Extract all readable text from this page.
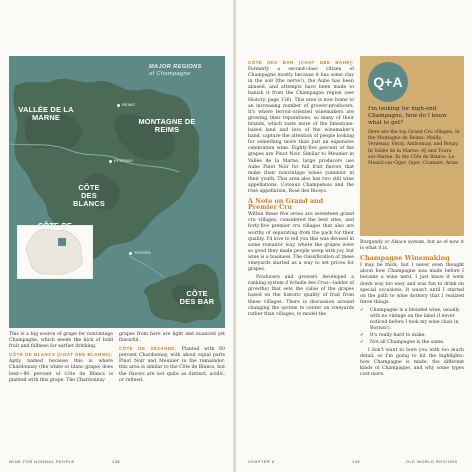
MAJOR REGIONS
of Champagne
VALLÉE DE LA MARNE	MONTAGNE DE REIMS
CÔTE DES BLANCS
CÔTE DES BAR
REIMS
ÉPERNAY
TROYES

This is a big source of grape for nonvintage Champagne, which needs the kick of bold fruit and fullness for earlier drinking.

CÔTE DE BLANCS (COAT DEE BLAHNK): Aptly named because this is where Chardonnay (the white or blanc grape) does best—80 percent of Côte de Blancs is planted with this grape. The Chardonnay

grapes from here are light and nuanced yet flavorful.

CÔTE DE SÉZANNE: Planted with 60 percent Chardonnay, with about equal parts Pinot Noir and Meunier in the remainder, this area is similar to the Côte de Blancs, but the flavors are not quite as distinct, acidic, or refined.

WINE FOR NORMAL PEOPLE	138

CÔTE DES BAR (COAT DEE BAHR): Formerly a second-class citizen of Champagne mostly because it has some clay in the soil (the nerve!), the Aube has been abused, and attempts have been made to banish it from the Champagne region (see History, page 136). This area is now home to an increasing number of grower-producers. It's where terroir-oriented winemakers are growing their reputations; so many of their brands, which taste more of the limestone-based land and less of the winemaker's hand, capture the attention of people looking for something more than just an expensive celebration wine. Eighty-five percent of the grapes are Pinot Noir. Similar to Meunier in Vallée de la Marne, large producers use Aube Pinot Noir for full fruit flavors that make their nonvintage wines yummier in their youth. This area also has two still wine appellations: Coteaux Champenois and the rosé appellation, Rosé des Riceys.

A Note on Grand and Premier Cru

Within these five areas are seventeen grand cru villages, considered the best sites, and forty-five premier cru villages that also are worthy of separating from the pack for their quality. I'd love to tell you this was devised in some romantic way, where the grapes were so good they made people weep with joy, but wine is a business. The classification of these vineyards started as a way to set prices for grapes.

Producers and growers developed a ranking system (l'échelle des Crus—ladder of growths) that sets the value of the grapes based on the historic quality of fruit from these villages. There is discussion around changing the system to center on vineyards rather than villages, to model the

Q+A
I'm looking for high-end Champagne, how do I know what to get?
Here are the top Grand Cru villages. In the Montagne de Reims: Mailly, Verzenay, Verzy, Ambonnay, and Bouzy. In Vallée de la Marne: Aÿ and Tours-sur-Marne. In the Côte de Blancs: Le Mesnil-sur-Oger, Oger, Cramant, Avize

Burgundy or Alsace system, but as of now it is what it is.

Champagne Winemaking

I may be thick, but I never even thought about how Champagne was made before I became a wine nerd. I just knew it went down way too easy and was fun to drink on special occasions. It wasn't until I started on the path to wine dorkery that I realized three things.

✔ Champagne is a blended wine, usually with no vintage on the label (I never noticed before I took my wine class in Boston!).
✔ It's really hard to make.
✔ Not all Champagne is the same.

I don't want to bore you with too much detail, so I'm going to hit the highlights: how Champagne is made, the different kinds of Champagne, and why some types cost more.

CHAPTER 6	139	OLD WORLD REGIONS
